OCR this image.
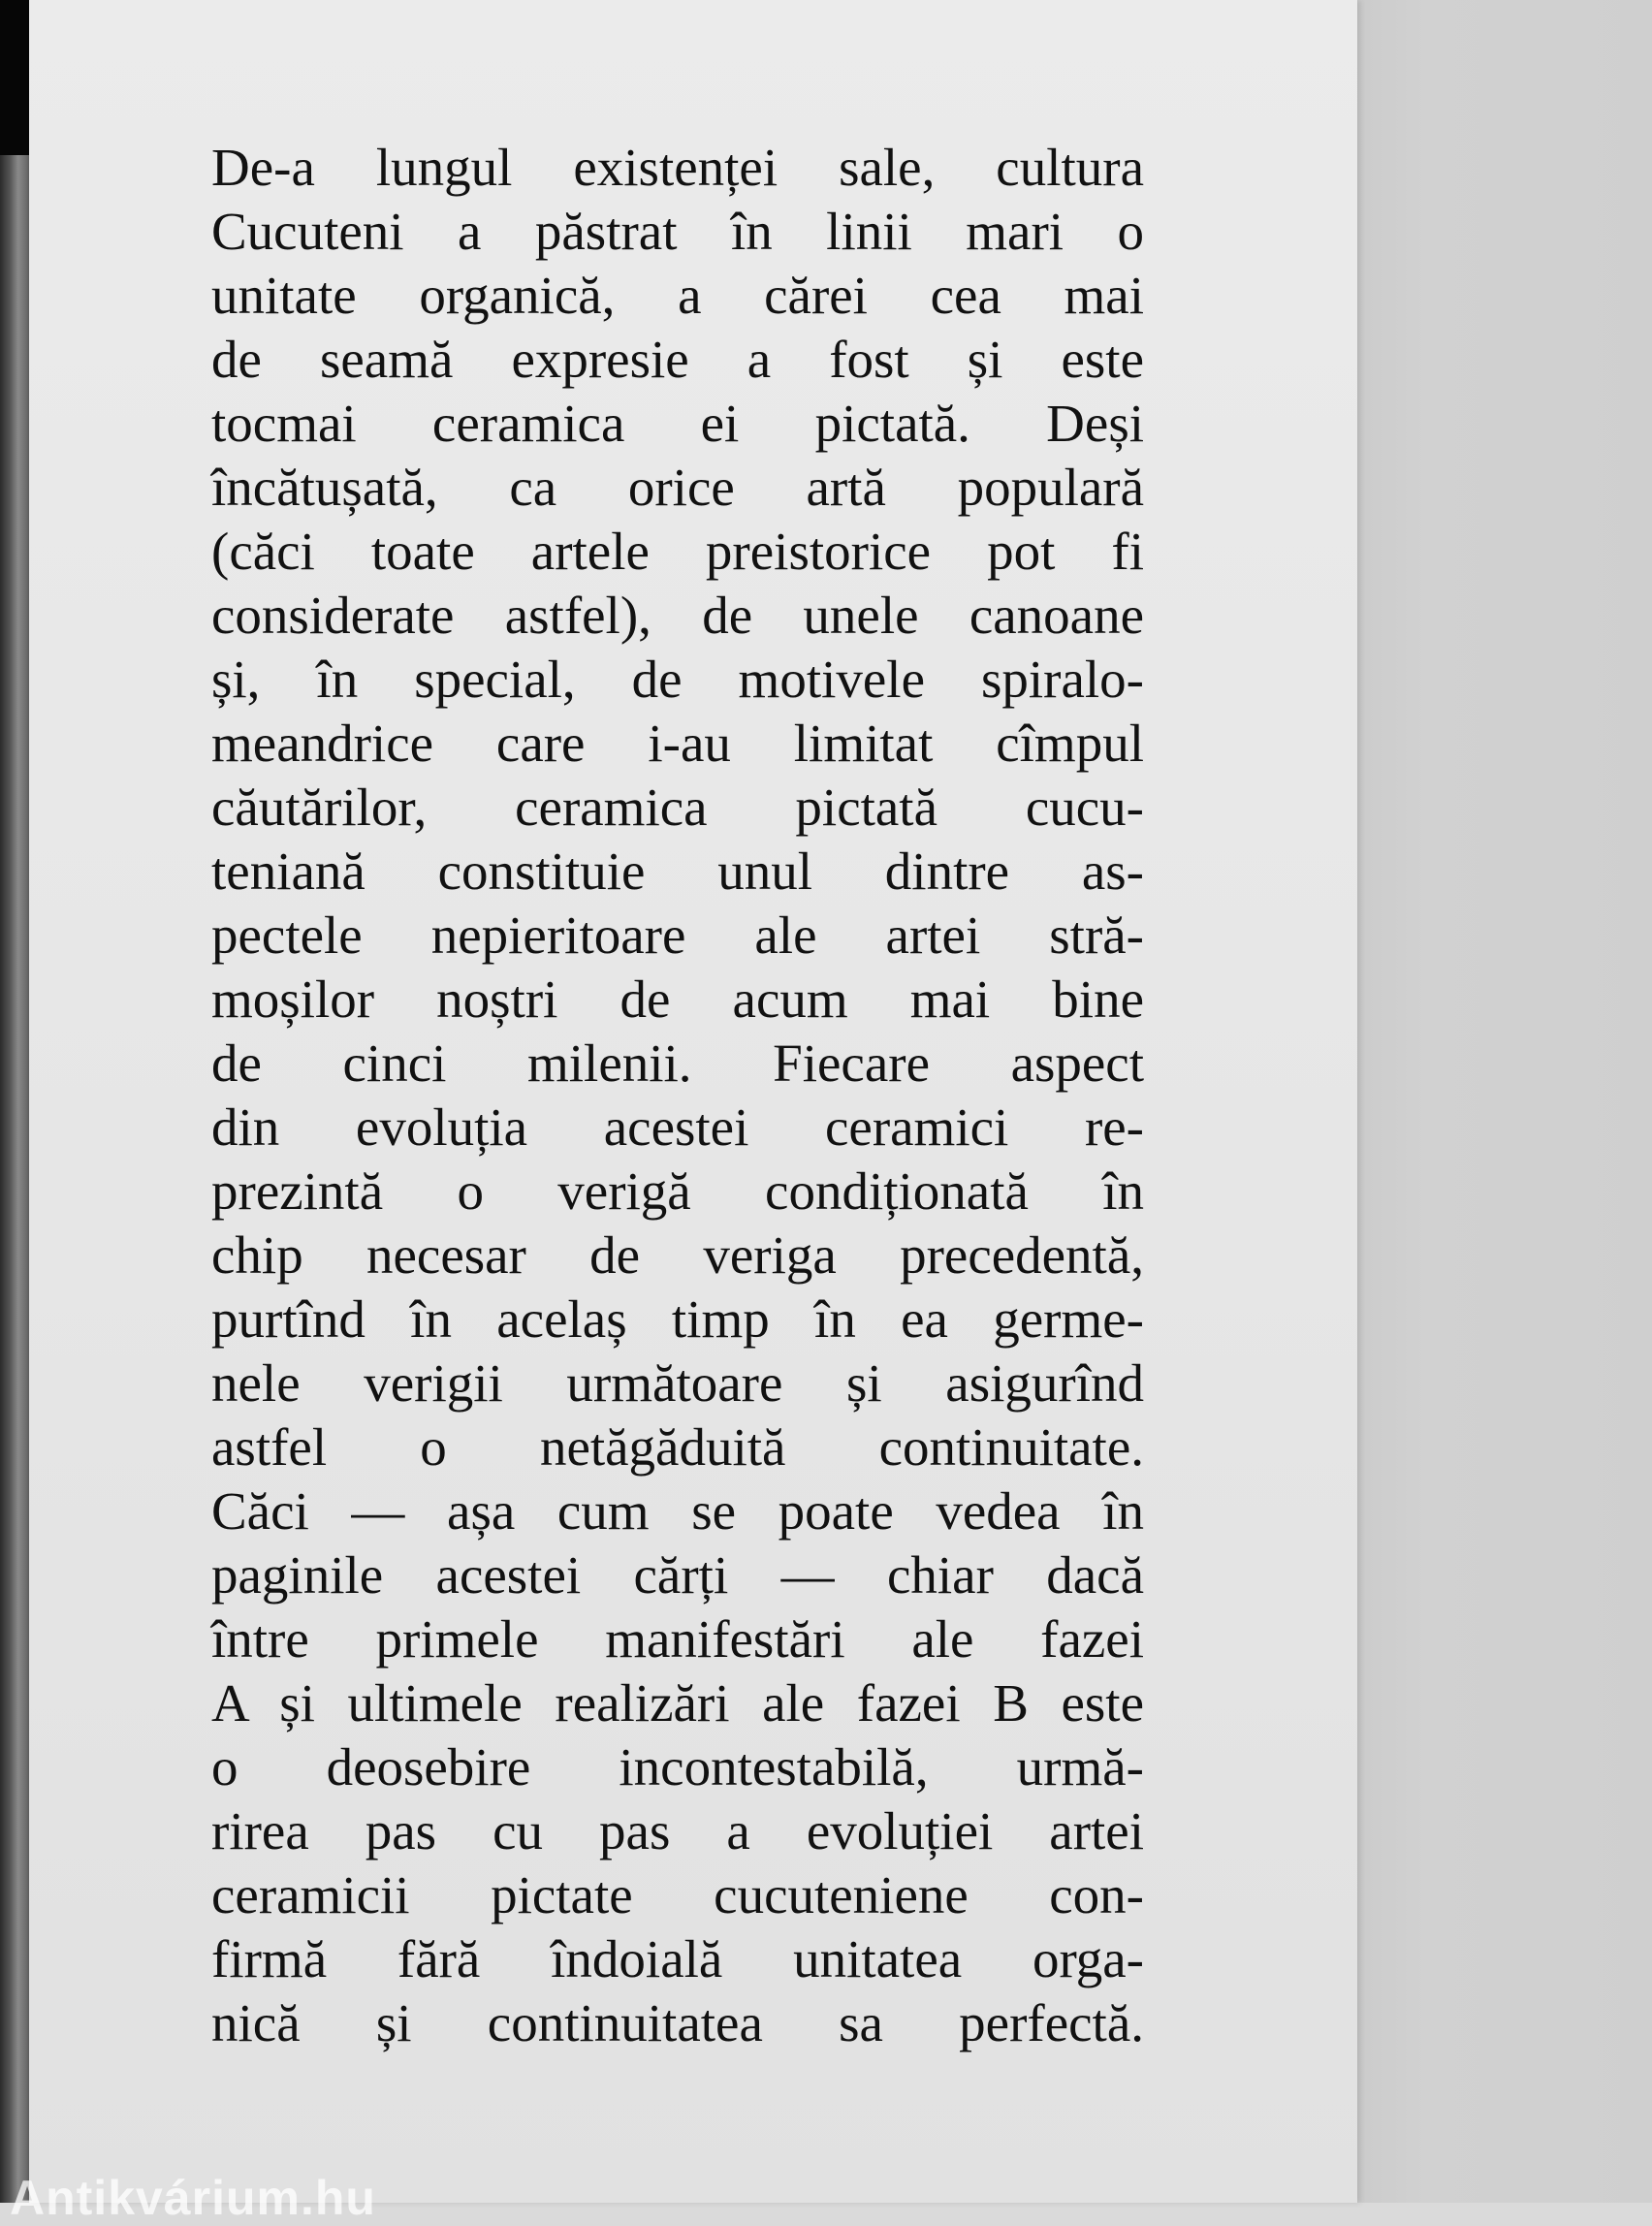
De-a lungul existenței sale, cultura
Cucuteni a păstrat în linii mari o
unitate organică, a cărei cea mai
de seamă expresie a fost și este
tocmai ceramica ei pictată. Deși
încătușată, ca orice artă populară
(căci toate artele preistorice pot fi
considerate astfel), de unele canoane
și, în special, de motivele spiralo-
meandrice care i-au limitat cîmpul
căutărilor, ceramica pictată cucu-
teniană constituie unul dintre as-
pectele nepieritoare ale artei stră-
moșilor noștri de acum mai bine
de cinci milenii. Fiecare aspect
din evoluția acestei ceramici re-
prezintă o verigă condiționată în
chip necesar de veriga precedentă,
purtînd în acelaș timp în ea germe-
nele verigii următoare și asigurînd
astfel o netăgăduită continuitate.
Căci — așa cum se poate vedea în
paginile acestei cărți — chiar dacă
între primele manifestări ale fazei
A și ultimele realizări ale fazei B este
o deosebire incontestabilă, urmă-
rirea pas cu pas a evoluției artei
ceramicii pictate cucuteniene con-
firmă fără îndoială unitatea orga-
nică și continuitatea sa perfectă.
Antikvárium.hu
